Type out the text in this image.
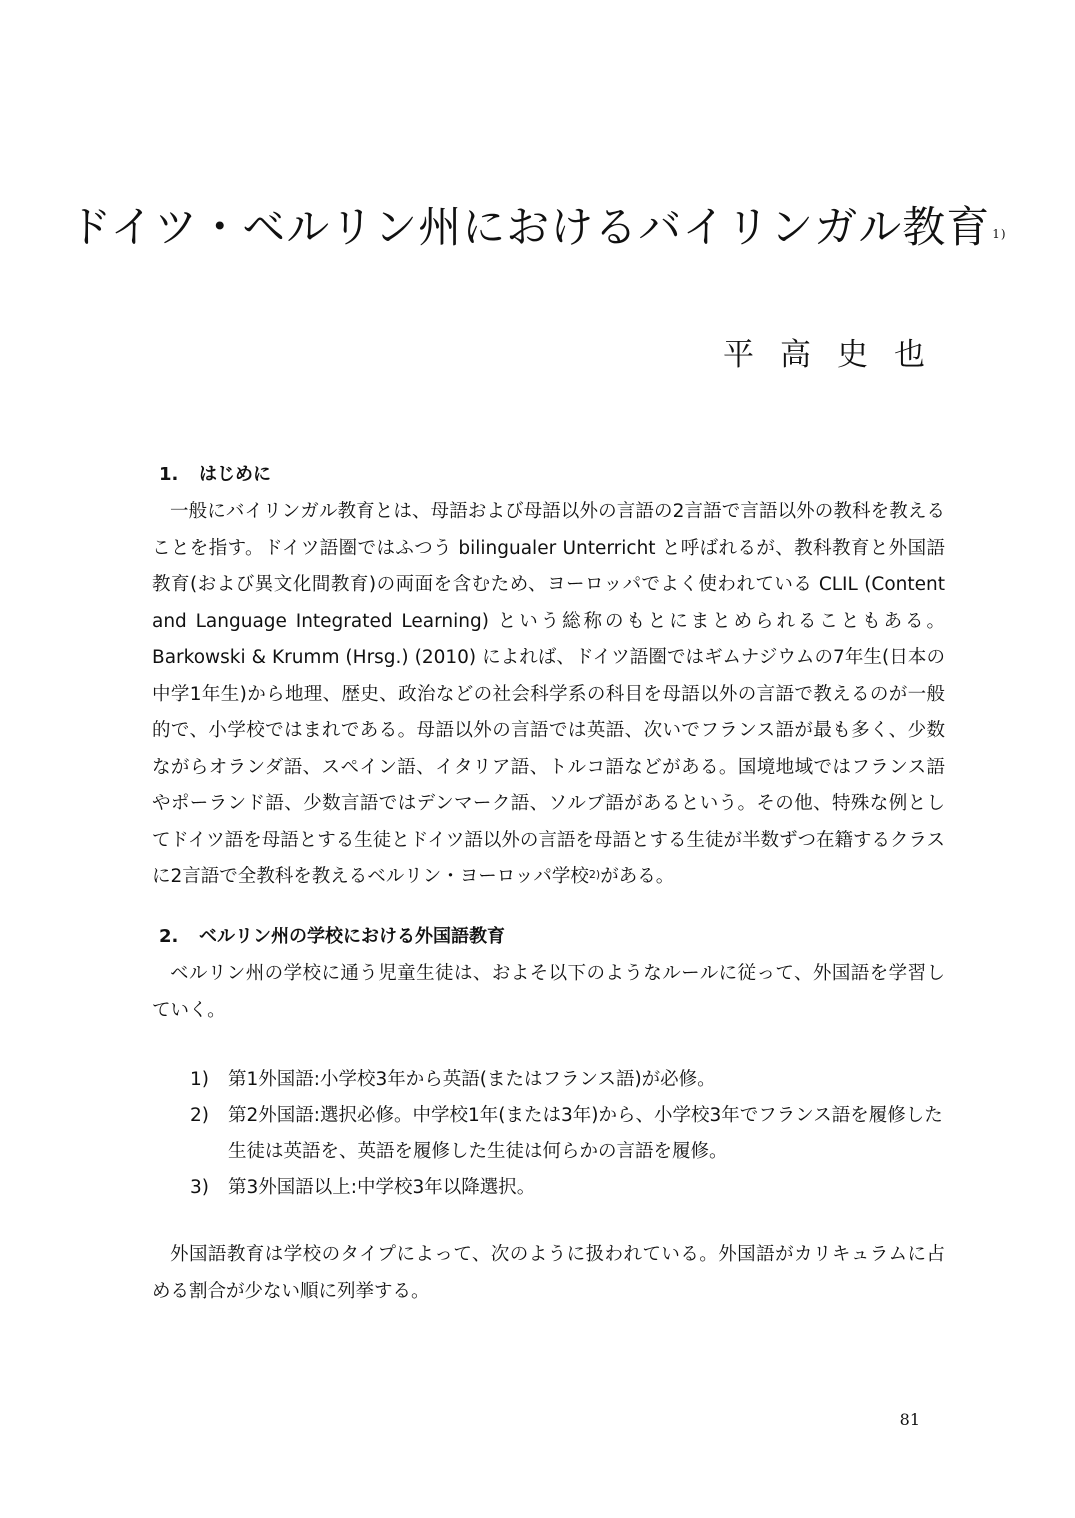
ドイツ・ベルリン州におけるバイリンガル教育 $^{1)}$
平高史也
1. はじめに

一般にバイリンガル教育とは、母語および母語以外の言語の2言語で言語以外の教科を教えることを指す。ドイツ語圏ではふつう bilingualer Unterricht と呼ばれるが、教科教育と外国語教育(および異文化間教育)の両面を含むため、ヨーロッパでよく使われている CLIL (Content and Language Integrated Learning) という総称のもとにまとめられることもある。Barkowski & Krumm (Hrsg.) (2010) によれば、ドイツ語圏ではギムナジウムの7年生(日本の中学1年生)から地理、歴史、政治などの社会科学系の科目を母語以外の言語で教えるのが一般的で、小学校ではまれである。母語以外の言語では英語、次いでフランス語が最も多く、少数ながらオランダ語、スペイン語、イタリア語、トルコ語などがある。国境地域ではフランス語やポーランド語、少数言語ではデンマーク語、ソルブ語があるという。その他、特殊な例としてドイツ語を母語とする生徒とドイツ語以外の言語を母語とする生徒が半数ずつ在籍するクラスに2言語で全教科を教えるベルリン・ヨーロッパ学校$^{2)}$がある。

2. ベルリン州の学校における外国語教育

ベルリン州の学校に通う児童生徒は、およそ以下のようなルールに従って、外国語を学習していく。

1)	第1外国語:小学校3年から英語(またはフランス語)が必修。
2)	第2外国語:選択必修。中学校1年(または3年)から、小学校3年でフランス語を履修した生徒は英語を、英語を履修した生徒は何らかの言語を履修。
3)	第3外国語以上:中学校3年以降選択。

外国語教育は学校のタイプによって、次のように扱われている。外国語がカリキュラムに占める割合が少ない順に列挙する。

81
